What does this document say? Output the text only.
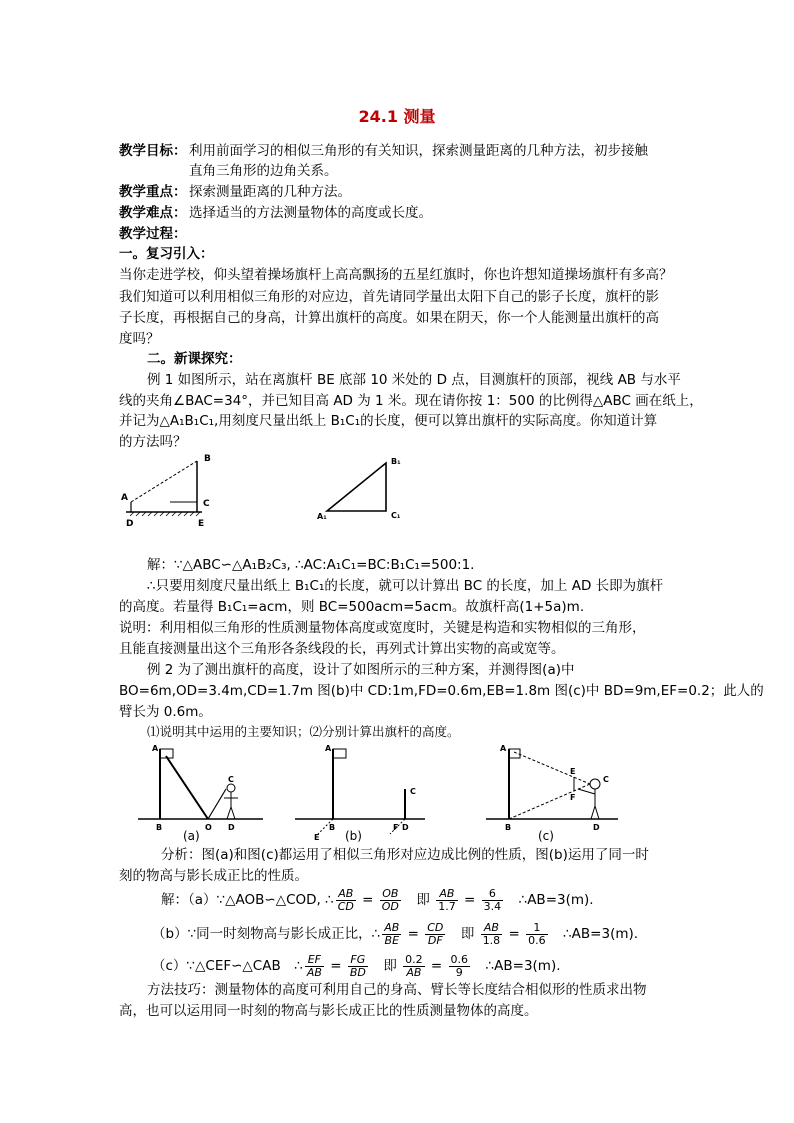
24.1 测量
教学目标： 利用前面学习的相似三角形的有关知识，探索测量距离的几种方法，初步接触
直角三角形的边角关系。
教学重点： 探索测量距离的几种方法。
教学难点： 选择适当的方法测量物体的高度或长度。
教学过程：
一。复习引入：
当你走进学校，仰头望着操场旗杆上高高飘扬的五星红旗时，你也许想知道操场旗杆有多高？
我们知道可以利用相似三角形的对应边，首先请同学量出太阳下自己的影子长度，旗杆的影
子长度，再根据自己的身高，计算出旗杆的高度。如果在阴天，你一个人能测量出旗杆的高
度吗？
二。新课探究：
例 1 如图所示，站在离旗杆 BE 底部 10 米处的 D 点，目测旗杆的顶部，视线 AB 与水平
线的夹角∠BAC=34°，并已知目高 AD 为 1 米。现在请你按 1：500 的比例得△ABC 画在纸上，
并记为△A₁B₁C₁,用刻度尺量出纸上 B₁C₁的长度，便可以算出旗杆的实际高度。你知道计算
的方法吗？
A
B
C
D	E
A₁
B₁
C₁
解：∵△ABC∽△A₁B₂C₃, ∴AC:A₁C₁=BC:B₁C₁=500:1.
∴只要用刻度尺量出纸上 B₁C₁的长度，就可以计算出 BC 的长度，加上 AD 长即为旗杆
的高度。若量得 B₁C₁=acm，则 BC=500acm=5acm。故旗杆高(1+5a)m.
说明：利用相似三角形的性质测量物体高度或宽度时，关键是构造和实物相似的三角形，
且能直接测量出这个三角形各条线段的长，再列式计算出实物的高或宽等。
例 2 为了测出旗杆的高度，设计了如图所示的三种方案，并测得图(a)中
BO=6m,OD=3.4m,CD=1.7m 图(b)中 CD:1m,FD=0.6m,EB=1.8m 图(c)中 BD=9m,EF=0.2；此人的
臂长为 0.6m。
⑴说明其中运用的主要知识；⑵分别计算出旗杆的高度。
A
B	O D
C
(a)
A
E
B	F D
C
(b)
A
B	D
E
F
C
(c)
分析：图(a)和图(c)都运用了相似三角形对应边成比例的性质，图(b)运用了同一时
刻的物高与影长成正比的性质。
解：（a）∵△AOB∽△COD, ∴ $\frac{AB}{CD} = \frac{OB}{OD}$
　 即 $\frac{AB}{1.7} = \frac{6}{3.4}$
　 ∴AB=3(m).
（b）∵同一时刻物高与影长成正比，∴ $\frac{AB}{BE} = \frac{CD}{DF}$
　 即 $\frac{AB}{1.8} = \frac{1}{0.6}$
　 ∴AB=3(m).
（c）∵△CEF∽△CAB　∴ $\frac{EF}{AB} = \frac{FG}{BD}$
　 即 $\frac{0.2}{AB} = \frac{0.6}{9}$
　 ∴AB=3(m).
方法技巧：测量物体的高度可利用自己的身高、臂长等长度结合相似形的性质求出物
高，也可以运用同一时刻的物高与影长成正比的性质测量物体的高度。
